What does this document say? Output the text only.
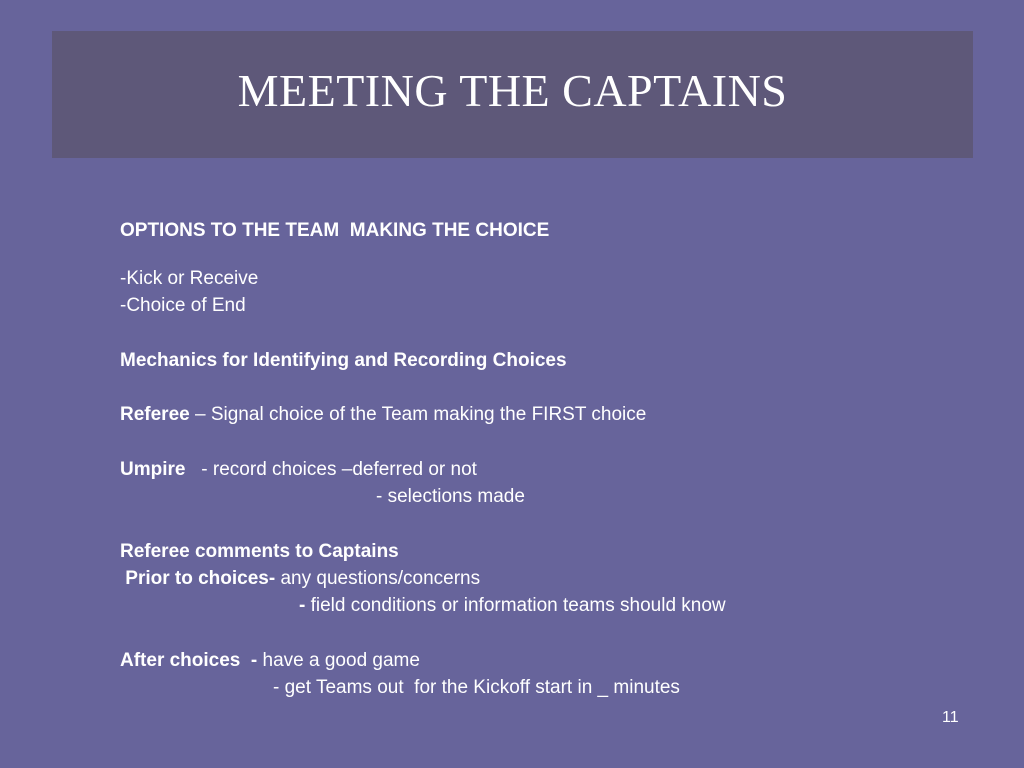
MEETING THE CAPTAINS
OPTIONS TO THE TEAM  MAKING THE CHOICE
-Kick or Receive
-Choice of End
Mechanics for Identifying and Recording Choices
Referee – Signal choice of the Team making the FIRST choice
Umpire   - record choices –deferred or not
- selections made
Referee comments to Captains
Prior to choices- any questions/concerns
- field conditions or information teams should know
After choices  - have a good game
- get Teams out  for the Kickoff start in _ minutes
11
